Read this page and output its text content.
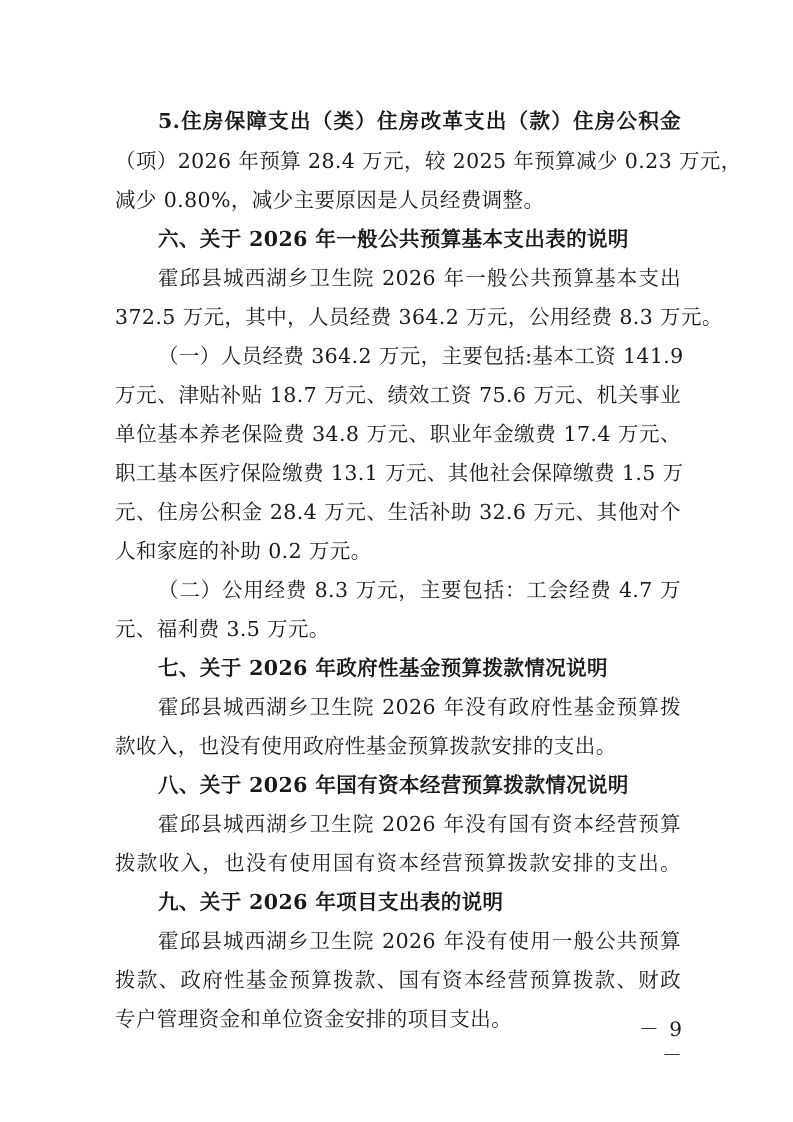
5.住房保障支出（类）住房改革支出（款）住房公积金
（项）2026 年预算 28.4 万元，较 2025 年预算减少 0.23 万元，
减少 0.80%，减少主要原因是人员经费调整。
六、关于 2026 年一般公共预算基本支出表的说明
霍邱县城西湖乡卫生院 2026 年一般公共预算基本支出
372.5 万元，其中，人员经费 364.2 万元，公用经费 8.3 万元。
（一）人员经费 364.2 万元，主要包括:基本工资 141.9
万元、津贴补贴 18.7 万元、绩效工资 75.6 万元、机关事业
单位基本养老保险费 34.8 万元、职业年金缴费 17.4 万元、
职工基本医疗保险缴费 13.1 万元、其他社会保障缴费 1.5 万
元、住房公积金 28.4 万元、生活补助 32.6 万元、其他对个
人和家庭的补助 0.2 万元。
（二）公用经费 8.3 万元，主要包括：工会经费 4.7 万
元、福利费 3.5 万元。
七、关于 2026 年政府性基金预算拨款情况说明
霍邱县城西湖乡卫生院 2026 年没有政府性基金预算拨
款收入，也没有使用政府性基金预算拨款安排的支出。
八、关于 2026 年国有资本经营预算拨款情况说明
霍邱县城西湖乡卫生院 2026 年没有国有资本经营预算
拨款收入，也没有使用国有资本经营预算拨款安排的支出。
九、关于 2026 年项目支出表的说明
霍邱县城西湖乡卫生院 2026 年没有使用一般公共预算
拨款、政府性基金预算拨款、国有资本经营预算拨款、财政
专户管理资金和单位资金安排的项目支出。	－ 9 －
